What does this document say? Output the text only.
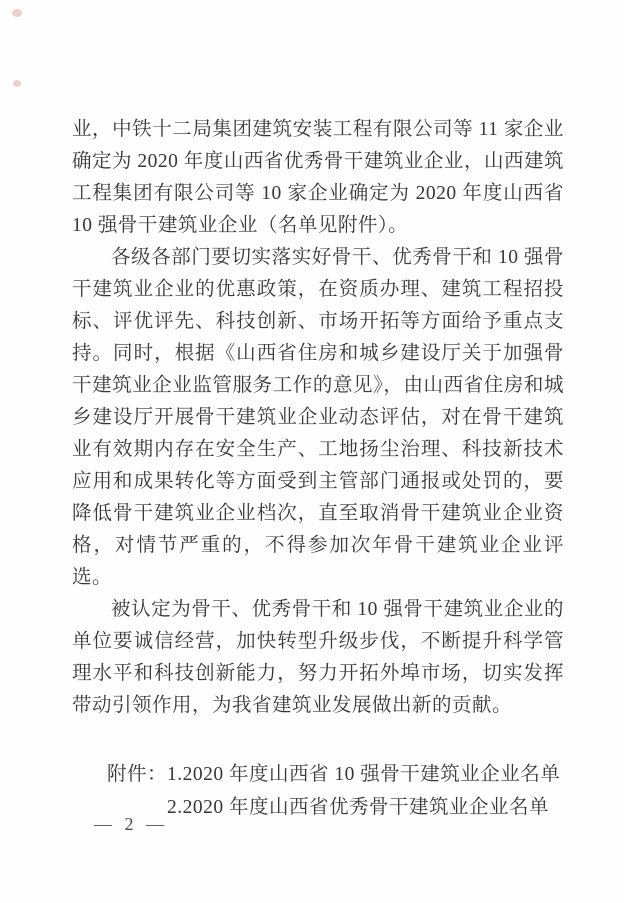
业，中铁十二局集团建筑安装工程有限公司等 11 家企业确定为 2020 年度山西省优秀骨干建筑业企业，山西建筑工程集团有限公司等 10 家企业确定为 2020 年度山西省 10 强骨干建筑业企业（名单见附件）。

各级各部门要切实落实好骨干、优秀骨干和 10 强骨干建筑业企业的优惠政策，在资质办理、建筑工程招投标、评优评先、科技创新、市场开拓等方面给予重点支持。同时，根据《山西省住房和城乡建设厅关于加强骨干建筑业企业监管服务工作的意见》，由山西省住房和城乡建设厅开展骨干建筑业企业动态评估，对在骨干建筑业有效期内存在安全生产、工地扬尘治理、科技新技术应用和成果转化等方面受到主管部门通报或处罚的，要降低骨干建筑业企业档次，直至取消骨干建筑业企业资格，对情节严重的，不得参加次年骨干建筑业企业评选。

被认定为骨干、优秀骨干和 10 强骨干建筑业企业的单位要诚信经营，加快转型升级步伐，不断提升科学管理水平和科技创新能力，努力开拓外埠市场，切实发挥带动引领作用，为我省建筑业发展做出新的贡献。

附件： 1.2020 年度山西省 10 强骨干建筑业企业名单
2.2020 年度山西省优秀骨干建筑业企业名单
— 2 —
